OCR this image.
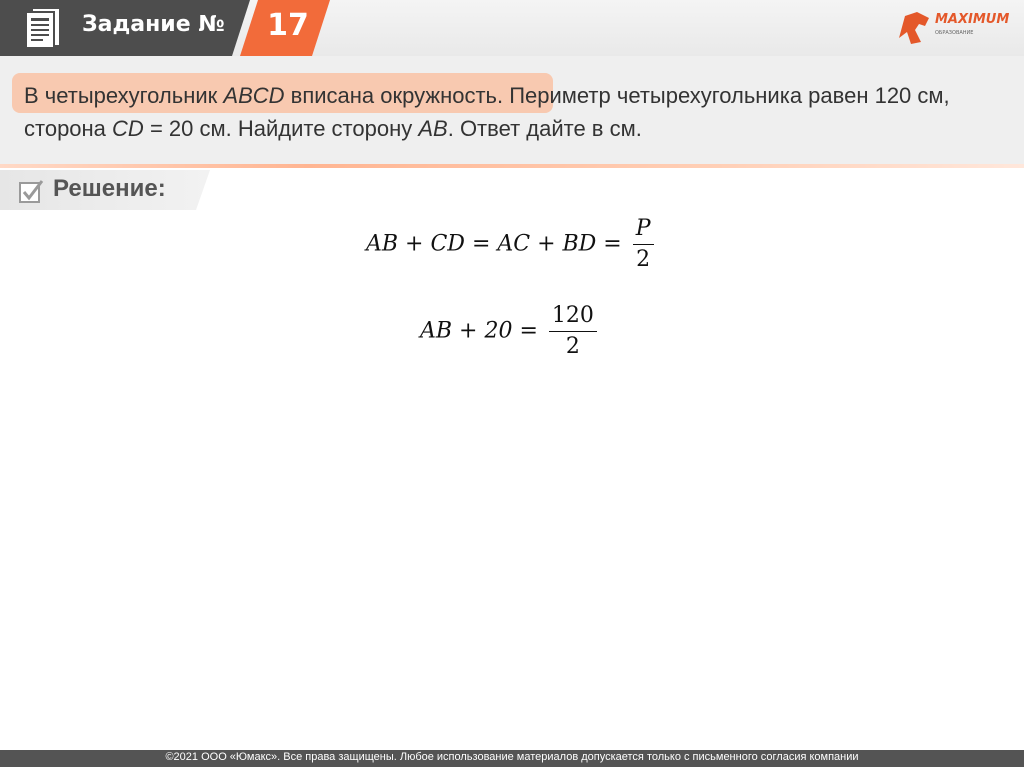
Задание № 17	MAXIMUM
ОБРАЗОВАНИЕ
В четырехугольник ABCD вписана окружность. Периметр четырехугольника равен 120 см, сторона CD = 20 см. Найдите сторону AB. Ответ дайте в см.
Решение:
AB + CD = AC + BD = $\frac{P}{2}$
AB + $20 = \frac{120}{2}$
©2021 ООО «Юмакс». Все права защищены. Любое использование материалов допускается только с письменного согласия компании
